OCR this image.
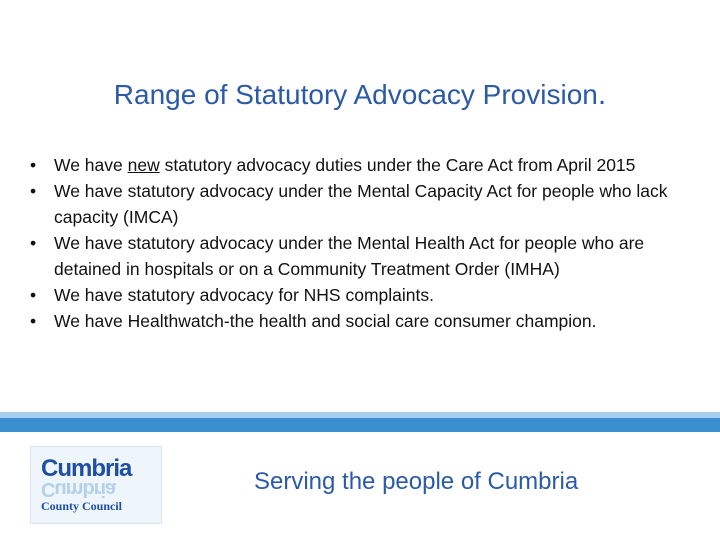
Range of Statutory Advocacy Provision.
• We have new statutory advocacy duties under the Care Act from April 2015
• We have statutory advocacy under the Mental Capacity Act for people who lack capacity (IMCA)
• We have statutory advocacy under the Mental Health Act for people who are detained in hospitals or on a Community Treatment Order (IMHA)
• We have statutory advocacy for NHS complaints.
• We have Healthwatch-the health and social care consumer champion.
Cumbria
Cumbria
County Council
Serving the people of Cumbria
